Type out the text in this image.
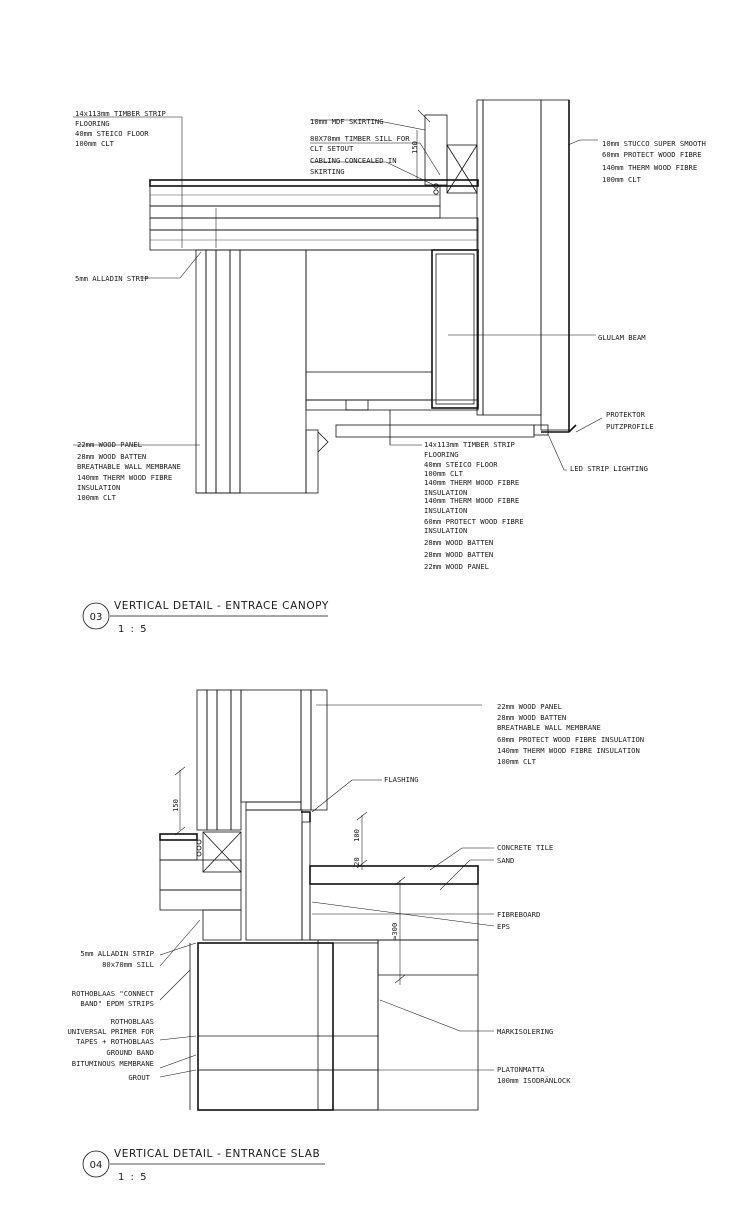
03
VERTICAL DETAIL - ENTRACE CANOPY
1 : 5
14x113mm TIMBER STRIP
FLOORING
40mm STEICO FLOOR
100mm CLT
10mm MDF SKIRTING
80X70mm TIMBER SILL FOR
CLT SETOUT
CABLING CONCEALED IN
SKIRTING
150	10mm STUCCO SUPER SMOOTH
60mm PROTECT WOOD FIBRE
140mm THERM WOOD FIBRE
100mm CLT
5mm ALLADIN STRIP
GLULAM BEAM
PROTEKTOR
PUTZPROFILE
LED STRIP LIGHTING
22mm WOOD PANEL
28mm WOOD BATTEN
BREATHABLE WALL MEMBRANE
140mm THERM WOOD FIBRE
INSULATION
100mm CLT
14x113mm TIMBER STRIP
FLOORING
40mm STEICO FLOOR
100mm CLT
140mm THERM WOOD FIBRE
INSULATION
140mm THERM WOOD FIBRE
INSULATION
60mm PROTECT WOOD FIBRE
INSULATION
28mm WOOD BATTEN
28mm WOOD BATTEN
22mm WOOD PANEL
04
VERTICAL DETAIL - ENTRANCE SLAB
1 : 5
22mm WOOD PANEL
28mm WOOD BATTEN
BREATHABLE WALL MEMBRANE
60mm PROTECT WOOD FIBRE INSULATION
140mm THERM WOOD FIBRE INSULATION
100mm CLT
FLASHING
150
100
20
≈300
CONCRETE TILE
SAND
FIBREBOARD
EPS
5mm ALLADIN STRIP
80x70mm SILL
ROTHOBLAAS "CONNECT
BAND" EPDM STRIPS
ROTHOBLAAS
UNIVERSAL PRIMER FOR
TAPES + ROTHOBLAAS
GROUND BAND
BITUMINOUS MEMBRANE
GROUT
MARKISOLERING
PLATONMATTA
100mm ISODRÄNLOCK
